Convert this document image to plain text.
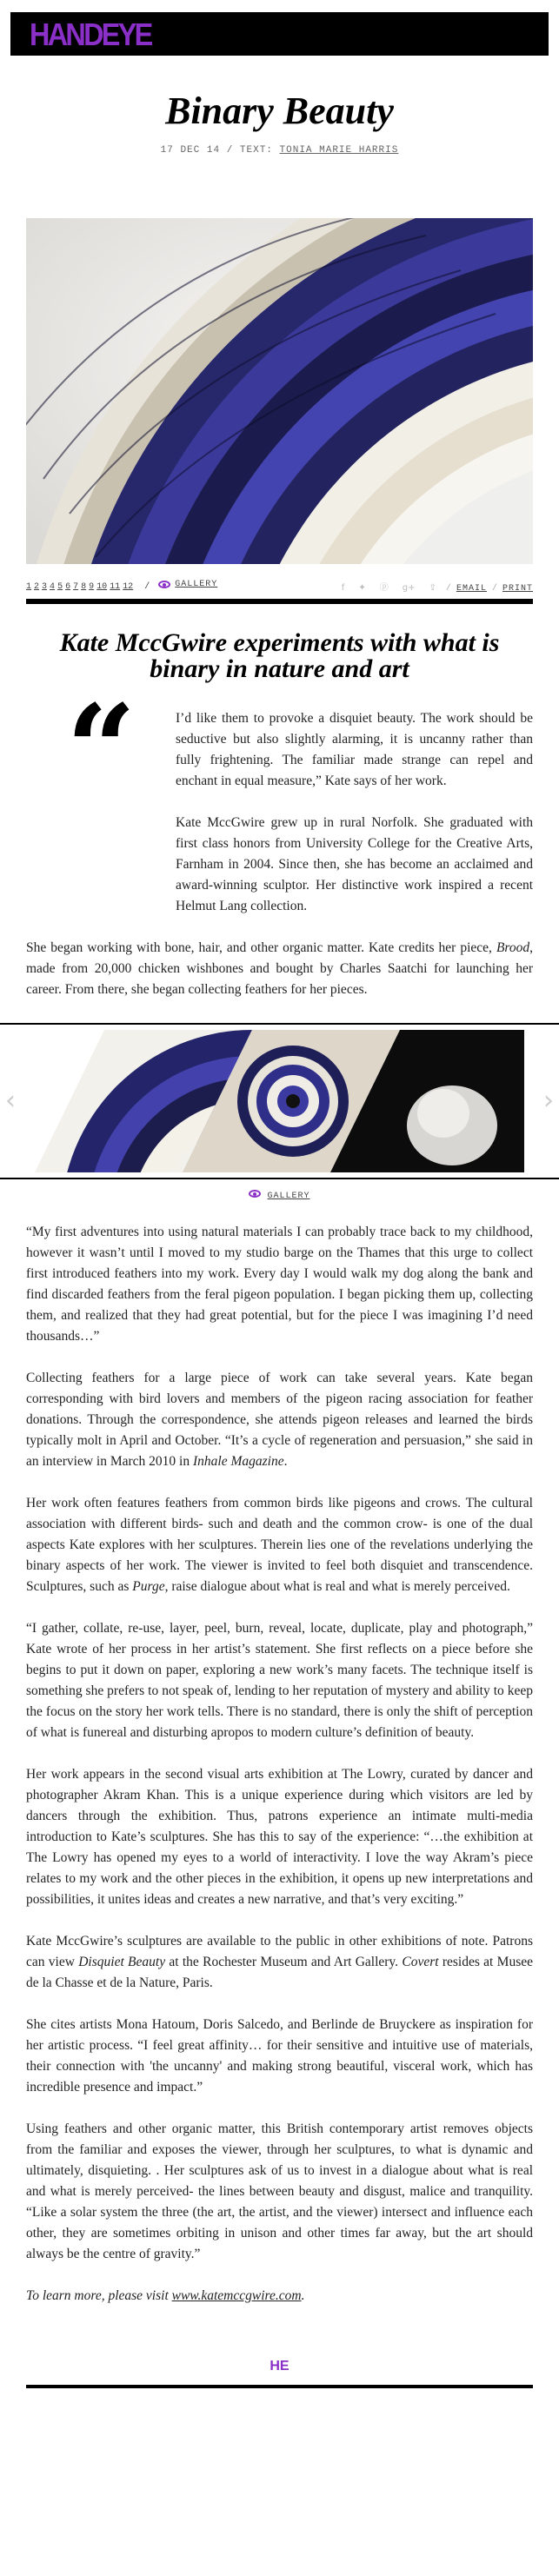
HANDEYE
Binary Beauty
17 DEC 14 / TEXT: TONIA MARIE HARRIS
1 2 3 4 5 6 7 8 9 10 11 12 /	GALLERY	f ✦ ⓟ g+ ⇪ / EMAIL / PRINT
Kate MccGwire experiments with what is binary in nature and art
“	I’d like them to provoke a disquiet beauty. The work should be seductive but also slightly alarming, it is uncanny rather than fully frightening. The familiar made strange can repel and enchant in equal measure,” Kate says of her work.

Kate MccGwire grew up in rural Norfolk. She graduated with first class honors from University College for the Creative Arts, Farnham in 2004. Since then, she has become an acclaimed and award-winning sculptor. Her distinctive work inspired a recent Helmut Lang collection.

She began working with bone, hair, and other organic matter. Kate credits her piece, Brood, made from 20,000 chicken wishbones and bought by Charles Saatchi for launching her career. From there, she began collecting feathers for her pieces.

‹	›
GALLERY

“My first adventures into using natural materials I can probably trace back to my childhood, however it wasn’t until I moved to my studio barge on the Thames that this urge to collect first introduced feathers into my work. Every day I would walk my dog along the bank and find discarded feathers from the feral pigeon population. I began picking them up, collecting them, and realized that they had great potential, but for the piece I was imagining I’d need thousands…”

Collecting feathers for a large piece of work can take several years. Kate began corresponding with bird lovers and members of the pigeon racing association for feather donations. Through the correspondence, she attends pigeon releases and learned the birds typically molt in April and October. “It’s a cycle of regeneration and persuasion,” she said in an interview in March 2010 in Inhale Magazine.

Her work often features feathers from common birds like pigeons and crows. The cultural association with different birds- such and death and the common crow- is one of the dual aspects Kate explores with her sculptures. Therein lies one of the revelations underlying the binary aspects of her work. The viewer is invited to feel both disquiet and transcendence. Sculptures, such as Purge, raise dialogue about what is real and what is merely perceived.

“I gather, collate, re-use, layer, peel, burn, reveal, locate, duplicate, play and photograph,” Kate wrote of her process in her artist’s statement. She first reflects on a piece before she begins to put it down on paper, exploring a new work’s many facets. The technique itself is something she prefers to not speak of, lending to her reputation of mystery and ability to keep the focus on the story her work tells. There is no standard, there is only the shift of perception of what is funereal and disturbing apropos to modern culture’s definition of beauty.

Her work appears in the second visual arts exhibition at The Lowry, curated by dancer and photographer Akram Khan. This is a unique experience during which visitors are led by dancers through the exhibition. Thus, patrons experience an intimate multi-media introduction to Kate’s sculptures. She has this to say of the experience: “…the exhibition at The Lowry has opened my eyes to a world of interactivity. I love the way Akram’s piece relates to my work and the other pieces in the exhibition, it opens up new interpretations and possibilities, it unites ideas and creates a new narrative, and that’s very exciting.”

Kate MccGwire’s sculptures are available to the public in other exhibitions of note. Patrons can view Disquiet Beauty at the Rochester Museum and Art Gallery. Covert resides at Musee de la Chasse et de la Nature, Paris.

She cites artists Mona Hatoum, Doris Salcedo, and Berlinde de Bruyckere as inspiration for her artistic process. “I feel great affinity… for their sensitive and intuitive use of materials, their connection with 'the uncanny' and making strong beautiful, visceral work, which has incredible presence and impact.”

Using feathers and other organic matter, this British contemporary artist removes objects from the familiar and exposes the viewer, through her sculptures, to what is dynamic and ultimately, disquieting. . Her sculptures ask of us to invest in a dialogue about what is real and what is merely perceived- the lines between beauty and disgust, malice and tranquility. “Like a solar system the three (the art, the artist, and the viewer) intersect and influence each other, they are sometimes orbiting in unison and other times far away, but the art should always be the centre of gravity.”

To learn more, please visit www.katemccgwire.com.

HE
